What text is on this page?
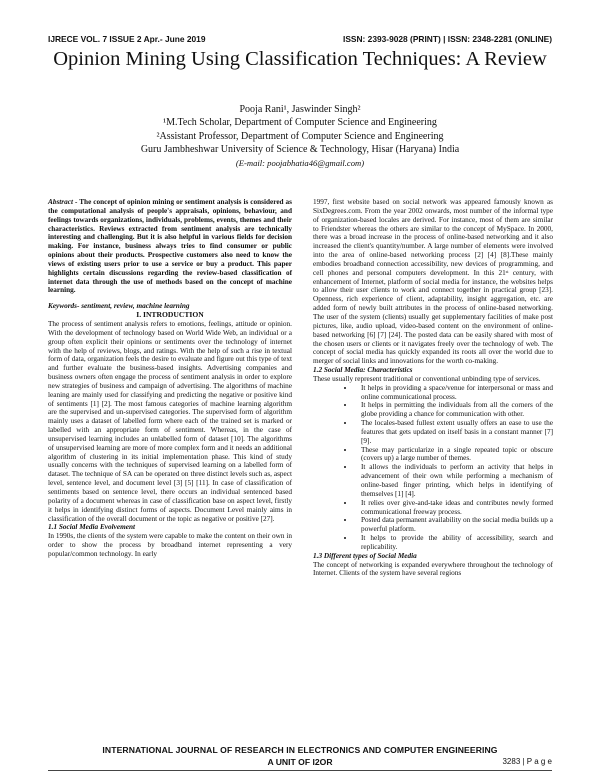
IJRECE VOL. 7 ISSUE 2 Apr.- June 2019	ISSN: 2393-9028 (PRINT) | ISSN: 2348-2281 (ONLINE)
Opinion Mining Using Classification Techniques: A Review
Pooja Rani¹, Jaswinder Singh²
¹M.Tech Scholar, Department of Computer Science and Engineering
²Assistant Professor, Department of Computer Science and Engineering
Guru Jambheshwar University of Science & Technology, Hisar (Haryana) India
(E-mail: poojabhatia46@gmail.com)

Abstract - The concept of opinion mining or sentiment analysis is considered as the computational analysis of people's appraisals, opinions, behaviour, and feelings towards organizations, individuals, problems, events, themes and their characteristics. Reviews extracted from sentiment analysis are technically interesting and challenging. But it is also helpful in various fields for decision making. For instance, business always tries to find consumer or public opinions about their products. Prospective customers also need to know the views of existing users prior to use a service or buy a product. This paper highlights certain discussions regarding the review-based classification of internet data through the use of methods based on the concept of machine learning.

Keywords- sentiment, review, machine learning

I. INTRODUCTION

The process of sentiment analysis refers to emotions, feelings, attitude or opinion. With the development of technology based on World Wide Web, an individual or a group often explicit their opinions or sentiments over the technology of internet with the help of reviews, blogs, and ratings. With the help of such a rise in textual form of data, organization feels the desire to evaluate and figure out this type of text and further evaluate the business-based insights. Advertising companies and business owners often engage the process of sentiment analysis in order to explore new strategies of business and campaign of advertising. The algorithms of machine leaning are mainly used for classifying and predicting the negative or positive kind of sentiments [1] [2]. The most famous categories of machine learning algorithm are the supervised and un-supervised categories. The supervised form of algorithm mainly uses a dataset of labelled form where each of the trained set is marked or labelled with an appropriate form of sentiment. Whereas, in the case of unsupervised learning includes an unlabelled form of dataset [10]. The algorithms of unsupervised learning are more of more complex form and it needs an additional algorithm of clustering in its initial implementation phase. This kind of study usually concerns with the techniques of supervised learning on a labelled form of dataset. The technique of SA can be operated on three distinct levels such as, aspect level, sentence level, and document level [3] [5] [11]. In case of classification of sentiments based on sentence level, there occurs an individual sentenced based polarity of a document whereas in case of classification base on aspect level, firstly it helps in identifying distinct forms of aspects. Document Level mainly aims in classification of the overall document or the topic as negative or positive [27].

1.1 Social Media Evolvement

In 1990s, the clients of the system were capable to make the content on their own in order to show the process by broadband internet representing a very popular/common technology. In early

1997, first website based on social network was appeared famously known as SixDegrees.com. From the year 2002 onwards, most number of the informal type of organization-based locales are derived. For instance, most of them are similar to Friendster whereas the others are similar to the concept of MySpace. In 2000, there was a broad increase in the process of online-based networking and it also increased the client's quantity/number. A large number of elements were involved into the area of online-based networking process [2] [4] [8].These mainly embodies broadband connection accessibility, new devices of programming, and cell phones and personal computers development. In this 21ˢᵗ century, with enhancement of Internet, platform of social media for instance, the websites helps to allow their user clients to work and connect together in practical group [23]. Openness, rich experience of client, adaptability, insight aggregation, etc. are added form of newly built attributes in the process of online-based networking. The user of the system (clients) usually get supplementary facilities of make post pictures, like, audio upload, video-based content on the environment of online-based networking [6] [7] [24]. The posted data can be easily shared with most of the chosen users or clients or it navigates freely over the technology of web. The concept of social media has quickly expanded its roots all over the world due to merger of social links and innovations for the worth co-making.

1.2 Social Media: Characteristics

These usually represent traditional or conventional unbinding type of services.

• It helps in providing a space/venue for interpersonal or mass and online communicational process.
• It helps in permitting the individuals from all the corners of the globe providing a chance for communication with other.
• The locales-based fullest extent usually offers an ease to use the features that gets updated on itself basis in a constant manner [7] [9].
• These may particularize in a single repeated topic or obscure (covers up) a large number of themes.
• It allows the individuals to perform an activity that helps in advancement of their own while performing a mechanism of online-based finger printing, which helps in identifying of themselves [1] [4].
• It relies over give-and-take ideas and contributes newly formed communicational freeway process.
• Posted data permanent availability on the social media builds up a powerful platform.
• It helps to provide the ability of accessibility, search and replicability.

1.3 Different types of Social Media

The concept of networking is expanded everywhere throughout the technology of Internet. Clients of the system have several regions

INTERNATIONAL JOURNAL OF RESEARCH IN ELECTRONICS AND COMPUTER ENGINEERING
A UNIT OF I2OR	3283 | P a g e
